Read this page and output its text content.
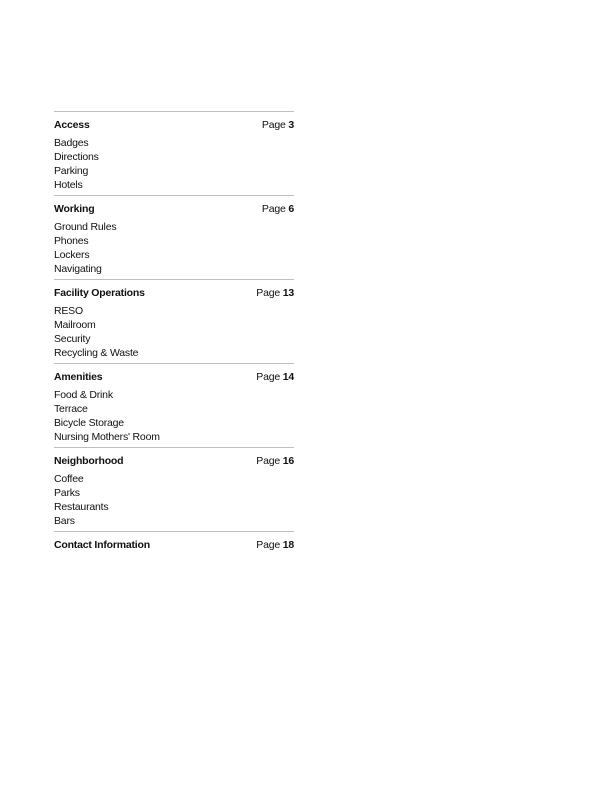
Access	Page 3
Badges
Directions
Parking
Hotels
Working	Page 6
Ground Rules
Phones
Lockers
Navigating
Facility Operations	Page 13
RESO
Mailroom
Security
Recycling & Waste
Amenities	Page 14
Food & Drink
Terrace
Bicycle Storage
Nursing Mothers' Room
Neighborhood	Page 16
Coffee
Parks
Restaurants
Bars
Contact Information	Page 18
